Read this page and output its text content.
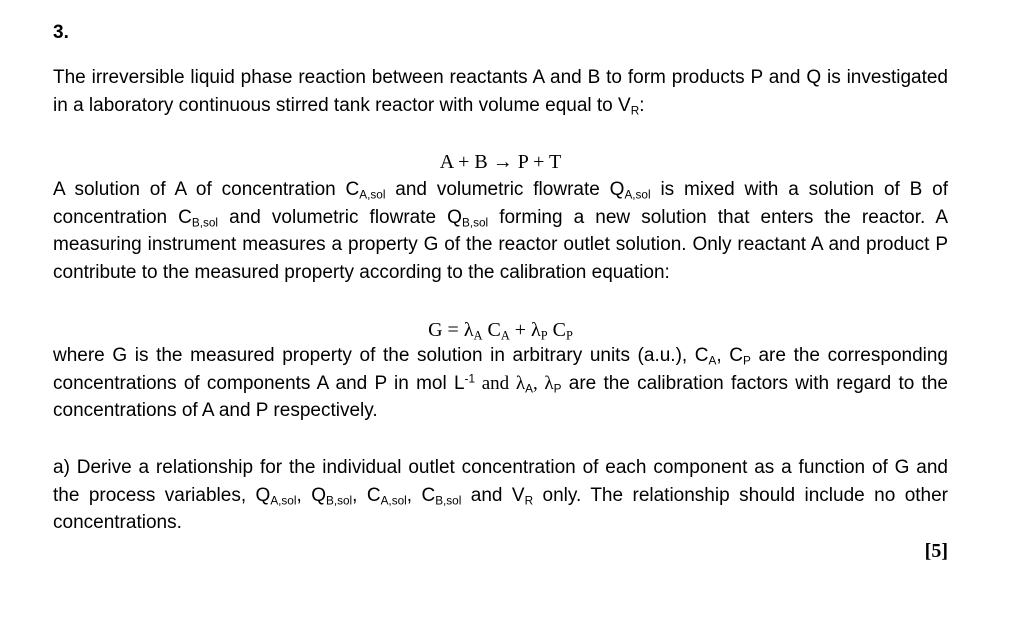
3.

The irreversible liquid phase reaction between reactants A and B to form products P and Q is investigated in a laboratory continuous stirred tank reactor with volume equal to $V_R$:

A + B → P + T

A solution of A of concentration $C_{A,sol}$ and volumetric flowrate $Q_{A,sol}$ is mixed with a solution of B of concentration $C_{B,sol}$ and volumetric flowrate $Q_{B,sol}$ forming a new solution that enters the reactor. A measuring instrument measures a property G of the reactor outlet solution. Only reactant A and product P contribute to the measured property according to the calibration equation:

$G = \lambda_A$ $C_A + \lambda_P$ $C_P$

where G is the measured property of the solution in arbitrary units (a.u.), $C_A$, $C_P$ are the corresponding concentrations of components A and P in mol $L^{-1}$ and $\lambda_A$, $\lambda_P$ are the calibration factors with regard to the concentrations of A and P respectively.

a) Derive a relationship for the individual outlet concentration of each component as a function of G and the process variables, $Q_{A,sol}$, $Q_{B,sol}$, $C_{A,sol}$, $C_{B,sol}$ and $V_R$ only. The relationship should include no other concentrations.

[5]
